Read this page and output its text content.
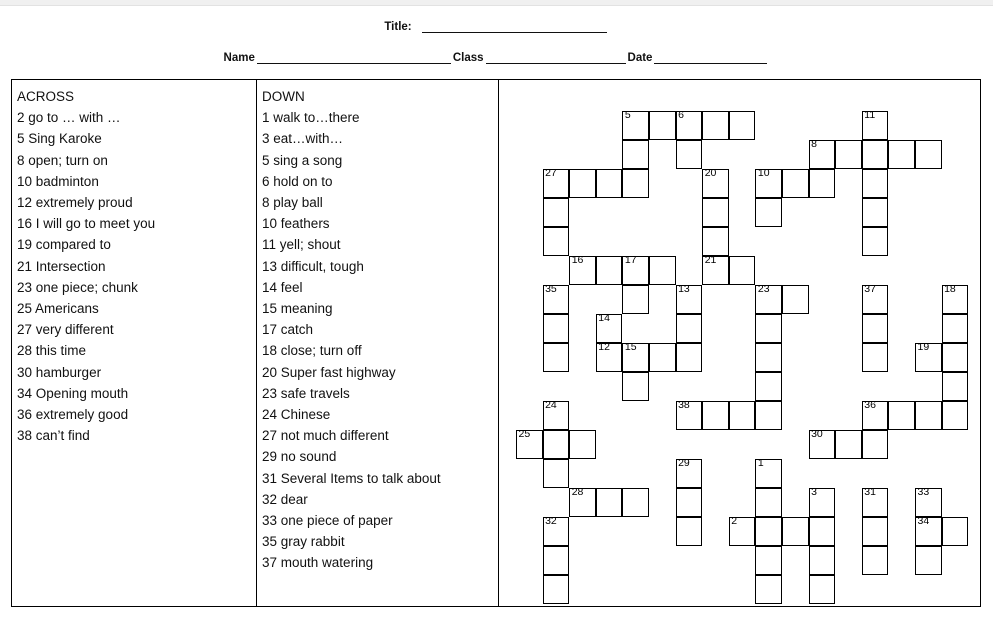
Title:
Name	Class	Date
ACROSS
2 go to … with …
5 Sing Karoke
8 open; turn on
10 badminton
12 extremely proud
16 I will go to meet you
19 compared to
21 Intersection
23 one piece; chunk
25 Americans
27 very different
28 this time
30 hamburger
34 Opening mouth
36 extremely good
38 can’t find
DOWN
1 walk to…there
3 eat…with…
5 sing a song
6 hold on to
8 play ball
10 feathers
11 yell; shout
13 difficult, tough
14 feel
15 meaning
17 catch
18 close; turn off
20 Super fast highway
23 safe travels
24 Chinese
27 not much different
29 no sound
31 Several Items to talk about
32 dear
33 one piece of paper
35 gray rabbit
37 mouth watering
5	6	11
8
27	20	10
16	17	21
35	13	23	37	18
14
12 15	19
24	38	36
25	30
29	1
28	3	31	33
32	2	34
